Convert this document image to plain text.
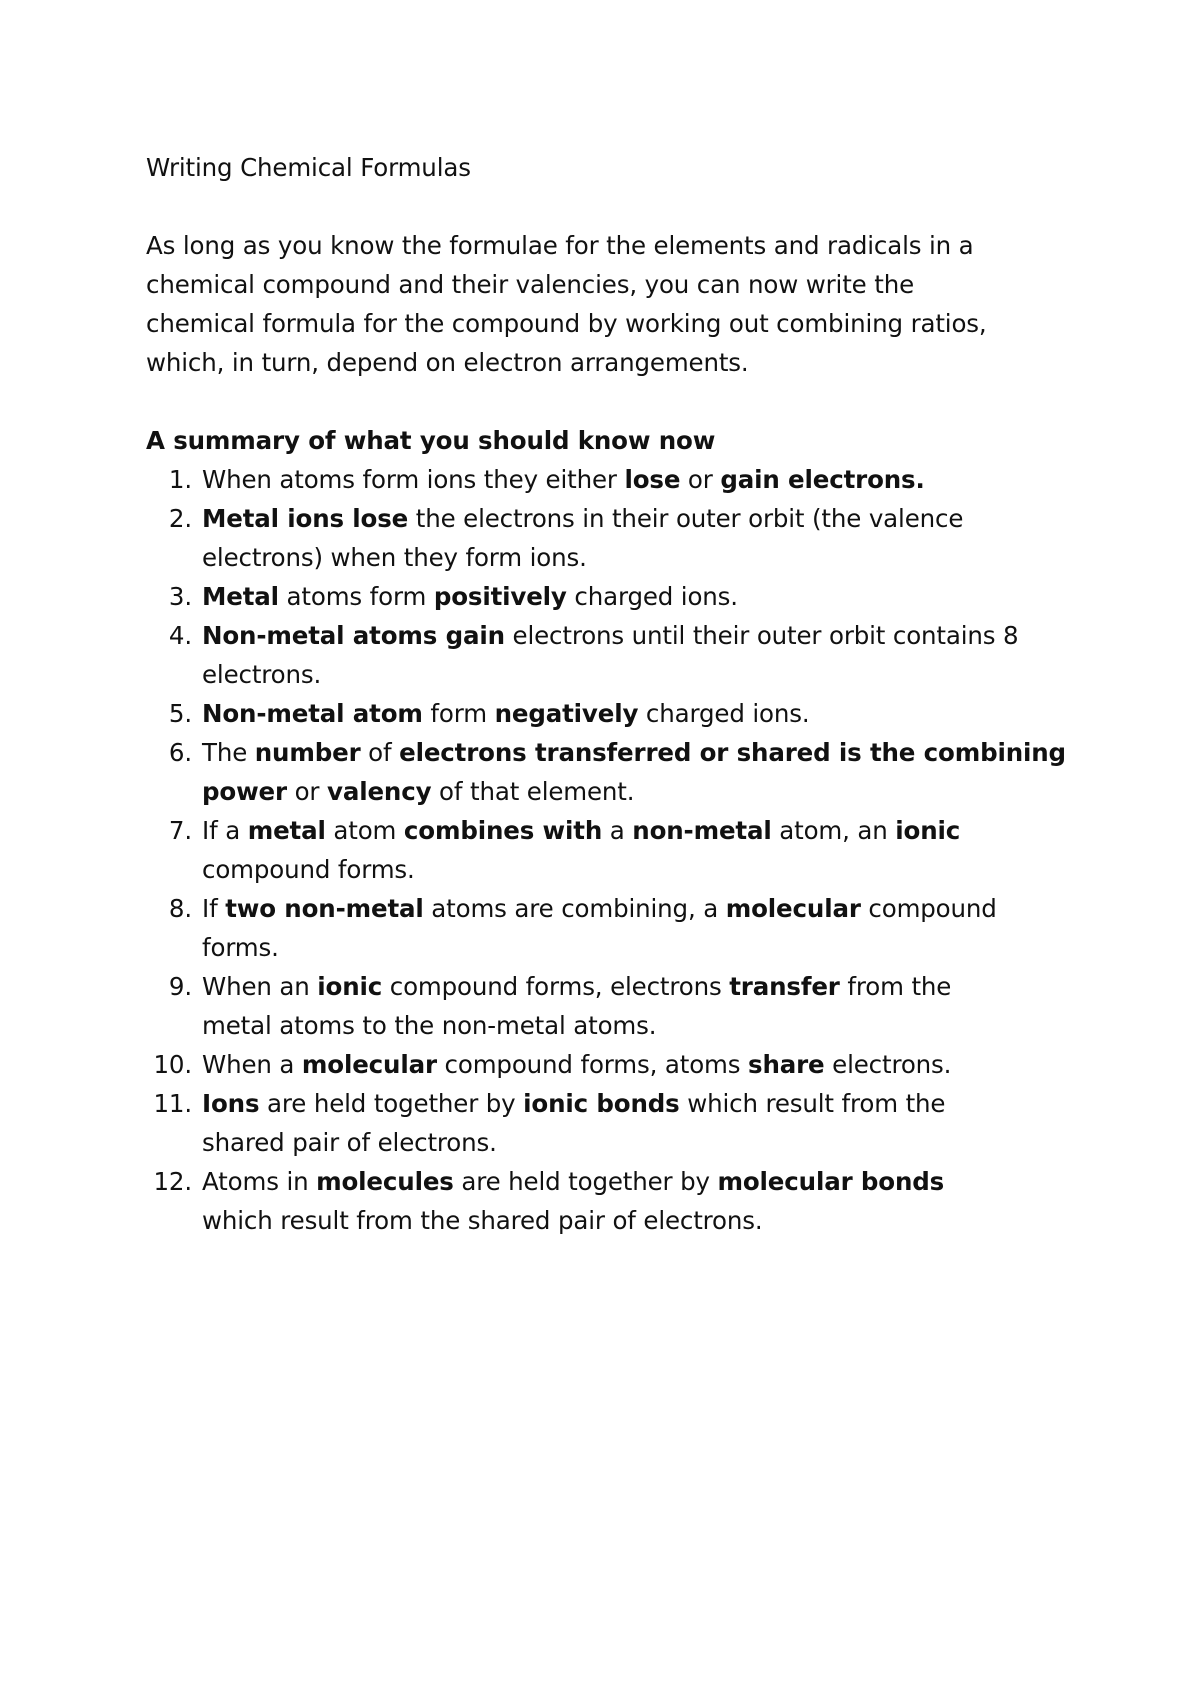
Writing Chemical Formulas
As long as you know the formulae for the elements and radicals in a
chemical compound and their valencies, you can now write the
chemical formula for the compound by working out combining ratios,
which, in turn, depend on electron arrangements.
A summary of what you should know now
1. When atoms form ions they either lose or gain electrons.
2. Metal ions lose the electrons in their outer orbit (the valence
electrons) when they form ions.
3. Metal atoms form positively charged ions.
4. Non-metal atoms gain electrons until their outer orbit contains 8
electrons.
5. Non-metal atom form negatively charged ions.
6. The number of electrons transferred or shared is the combining
power or valency of that element.
7. If a metal atom combines with a non-metal atom, an ionic
compound forms.
8. If two non-metal atoms are combining, a molecular compound
forms.
9. When an ionic compound forms, electrons transfer from the
metal atoms to the non-metal atoms.
10. When a molecular compound forms, atoms share electrons.
11. Ions are held together by ionic bonds which result from the
shared pair of electrons.
12. Atoms in molecules are held together by molecular bonds
which result from the shared pair of electrons.
